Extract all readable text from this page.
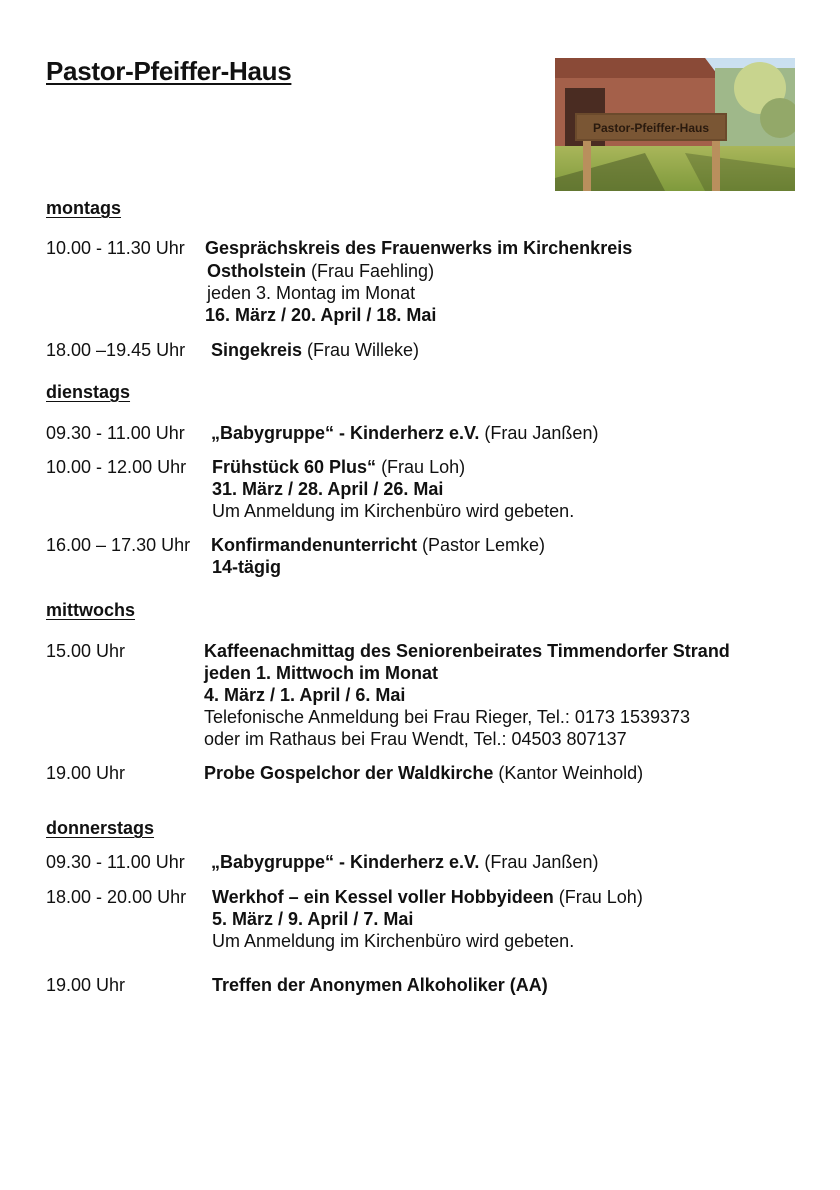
Pastor-Pfeiffer-Haus
Pastor-Pfeiffer-Haus
montags
10.00 - 11.30 Uhr Gesprächskreis des Frauenwerks im Kirchenkreis
Ostholstein (Frau Faehling)
jeden 3. Montag im Monat
16. März / 20. April / 18. Mai
18.00 –19.45 Uhr Singekreis (Frau Willeke)
dienstags
09.30 - 11.00 Uhr „Babygruppe“ - Kinderherz e.V. (Frau Janßen)
10.00 - 12.00 Uhr Frühstück 60 Plus“ (Frau Loh)
31. März / 28. April / 26. Mai
Um Anmeldung im Kirchenbüro wird gebeten.
16.00 – 17.30 Uhr Konfirmandenunterricht (Pastor Lemke)
14-tägig
mittwochs
15.00 Uhr	Kaffeenachmittag des Seniorenbeirates Timmendorfer Strand
jeden 1. Mittwoch im Monat
4. März / 1. April / 6. Mai
Telefonische Anmeldung bei Frau Rieger, Tel.: 0173 1539373
oder im Rathaus bei Frau Wendt, Tel.: 04503 807137
19.00 Uhr	Probe Gospelchor der Waldkirche (Kantor Weinhold)
donnerstags
09.30 - 11.00 Uhr „Babygruppe“ - Kinderherz e.V. (Frau Janßen)
18.00 - 20.00 Uhr Werkhof – ein Kessel voller Hobbyideen (Frau Loh)
5. März / 9. April / 7. Mai
Um Anmeldung im Kirchenbüro wird gebeten.
19.00 Uhr	Treffen der Anonymen Alkoholiker (AA)
